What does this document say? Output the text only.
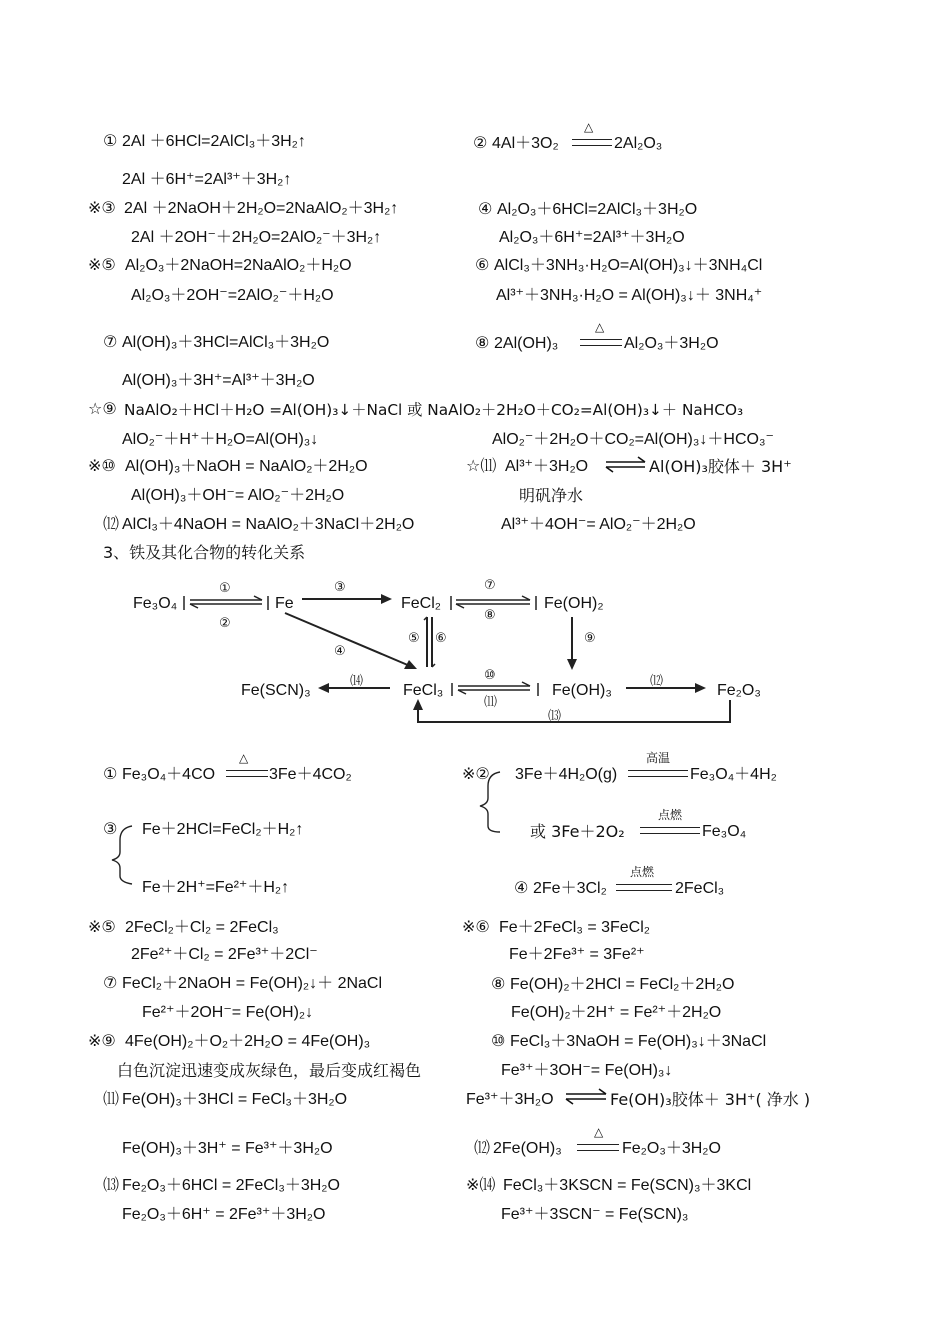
① 2Al ＋6HCl=2AlCl₃＋3H₂↑	② 4Al＋3O₂
△
2Al₂O₃
2Al ＋6H⁺=2Al³⁺＋3H₂↑
※③ 2Al ＋2NaOH＋2H₂O=2NaAlO₂＋3H₂↑	④ Al₂O₃＋6HCl=2AlCl₃＋3H₂O
2Al ＋2OH⁻＋2H₂O=2AlO₂⁻＋3H₂↑	Al₂O₃＋6H⁺=2Al³⁺＋3H₂O
※⑤ Al₂O₃＋2NaOH=2NaAlO₂＋H₂O	⑥ AlCl₃＋3NH₃·H₂O=Al(OH)₃↓＋3NH₄Cl
Al₂O₃＋2OH⁻=2AlO₂⁻＋H₂O	Al³⁺＋3NH₃·H₂O = Al(OH)₃↓＋ 3NH₄⁺
⑦ Al(OH)₃＋3HCl=AlCl₃＋3H₂O	⑧ 2Al(OH)₃
△
Al₂O₃＋3H₂O
Al(OH)₃＋3H⁺=Al³⁺＋3H₂O
☆⑨ NaAlO₂＋HCl＋H₂O =Al(OH)₃↓＋NaCl 或 NaAlO₂＋2H₂O＋CO₂=Al(OH)₃↓＋ NaHCO₃
AlO₂⁻＋H⁺＋H₂O=Al(OH)₃↓	AlO₂⁻＋2H₂O＋CO₂=Al(OH)₃↓＋HCO₃⁻
※⑩ Al(OH)₃＋NaOH = NaAlO₂＋2H₂O	☆⑾ Al³⁺＋3H₂O	Al(OH)₃胶体＋ 3H⁺
Al(OH)₃＋OH⁻= AlO₂⁻＋2H₂O	明矾净水
⑿ AlCl₃＋4NaOH = NaAlO₂＋3NaCl＋2H₂O	Al³⁺＋4OH⁻= AlO₂⁻＋2H₂O
3、铁及其化合物的转化关系
Fe₃O₄	Fe	FeCl₂	Fe(OH)₂
Fe(SCN)₃	FeCl₃	Fe(OH)₃	Fe₂O₃
①
②
③
④
⑤ ⑥
⑦
⑧
⑨
⑩
⑾
⑿
⒀
⒁
① Fe₃O₄＋4CO
△
3Fe＋4CO₂	※② 3Fe＋4H₂O(g)
高温
Fe₃O₄＋4H₂
或 3Fe＋2O₂
点燃
Fe₃O₄
③ Fe＋2HCl=FeCl₂＋H₂↑
Fe＋2H⁺=Fe²⁺＋H₂↑	④ 2Fe＋3Cl₂
点燃
2FeCl₃
※⑤ 2FeCl₂＋Cl₂ = 2FeCl₃	※⑥ Fe＋2FeCl₃ = 3FeCl₂
2Fe²⁺＋Cl₂ = 2Fe³⁺＋2Cl⁻	Fe＋2Fe³⁺ = 3Fe²⁺
⑦ FeCl₂＋2NaOH = Fe(OH)₂↓＋ 2NaCl	⑧ Fe(OH)₂＋2HCl = FeCl₂＋2H₂O
Fe²⁺＋2OH⁻= Fe(OH)₂↓	Fe(OH)₂＋2H⁺ = Fe²⁺＋2H₂O
※⑨ 4Fe(OH)₂＋O₂＋2H₂O = 4Fe(OH)₃	⑩ FeCl₃＋3NaOH = Fe(OH)₃↓＋3NaCl
白色沉淀迅速变成灰绿色，最后变成红褐色	Fe³⁺＋3OH⁻= Fe(OH)₃↓
⑾ Fe(OH)₃＋3HCl = FeCl₃＋3H₂O	Fe³⁺＋3H₂O	Fe(OH)₃胶体＋ 3H⁺( 净水 )
Fe(OH)₃＋3H⁺ = Fe³⁺＋3H₂O	⑿ 2Fe(OH)₃
△
Fe₂O₃＋3H₂O
⒀ Fe₂O₃＋6HCl = 2FeCl₃＋3H₂O	※⒁ FeCl₃＋3KSCN = Fe(SCN)₃＋3KCl
Fe₂O₃＋6H⁺ = 2Fe³⁺＋3H₂O	Fe³⁺＋3SCN⁻ = Fe(SCN)₃
